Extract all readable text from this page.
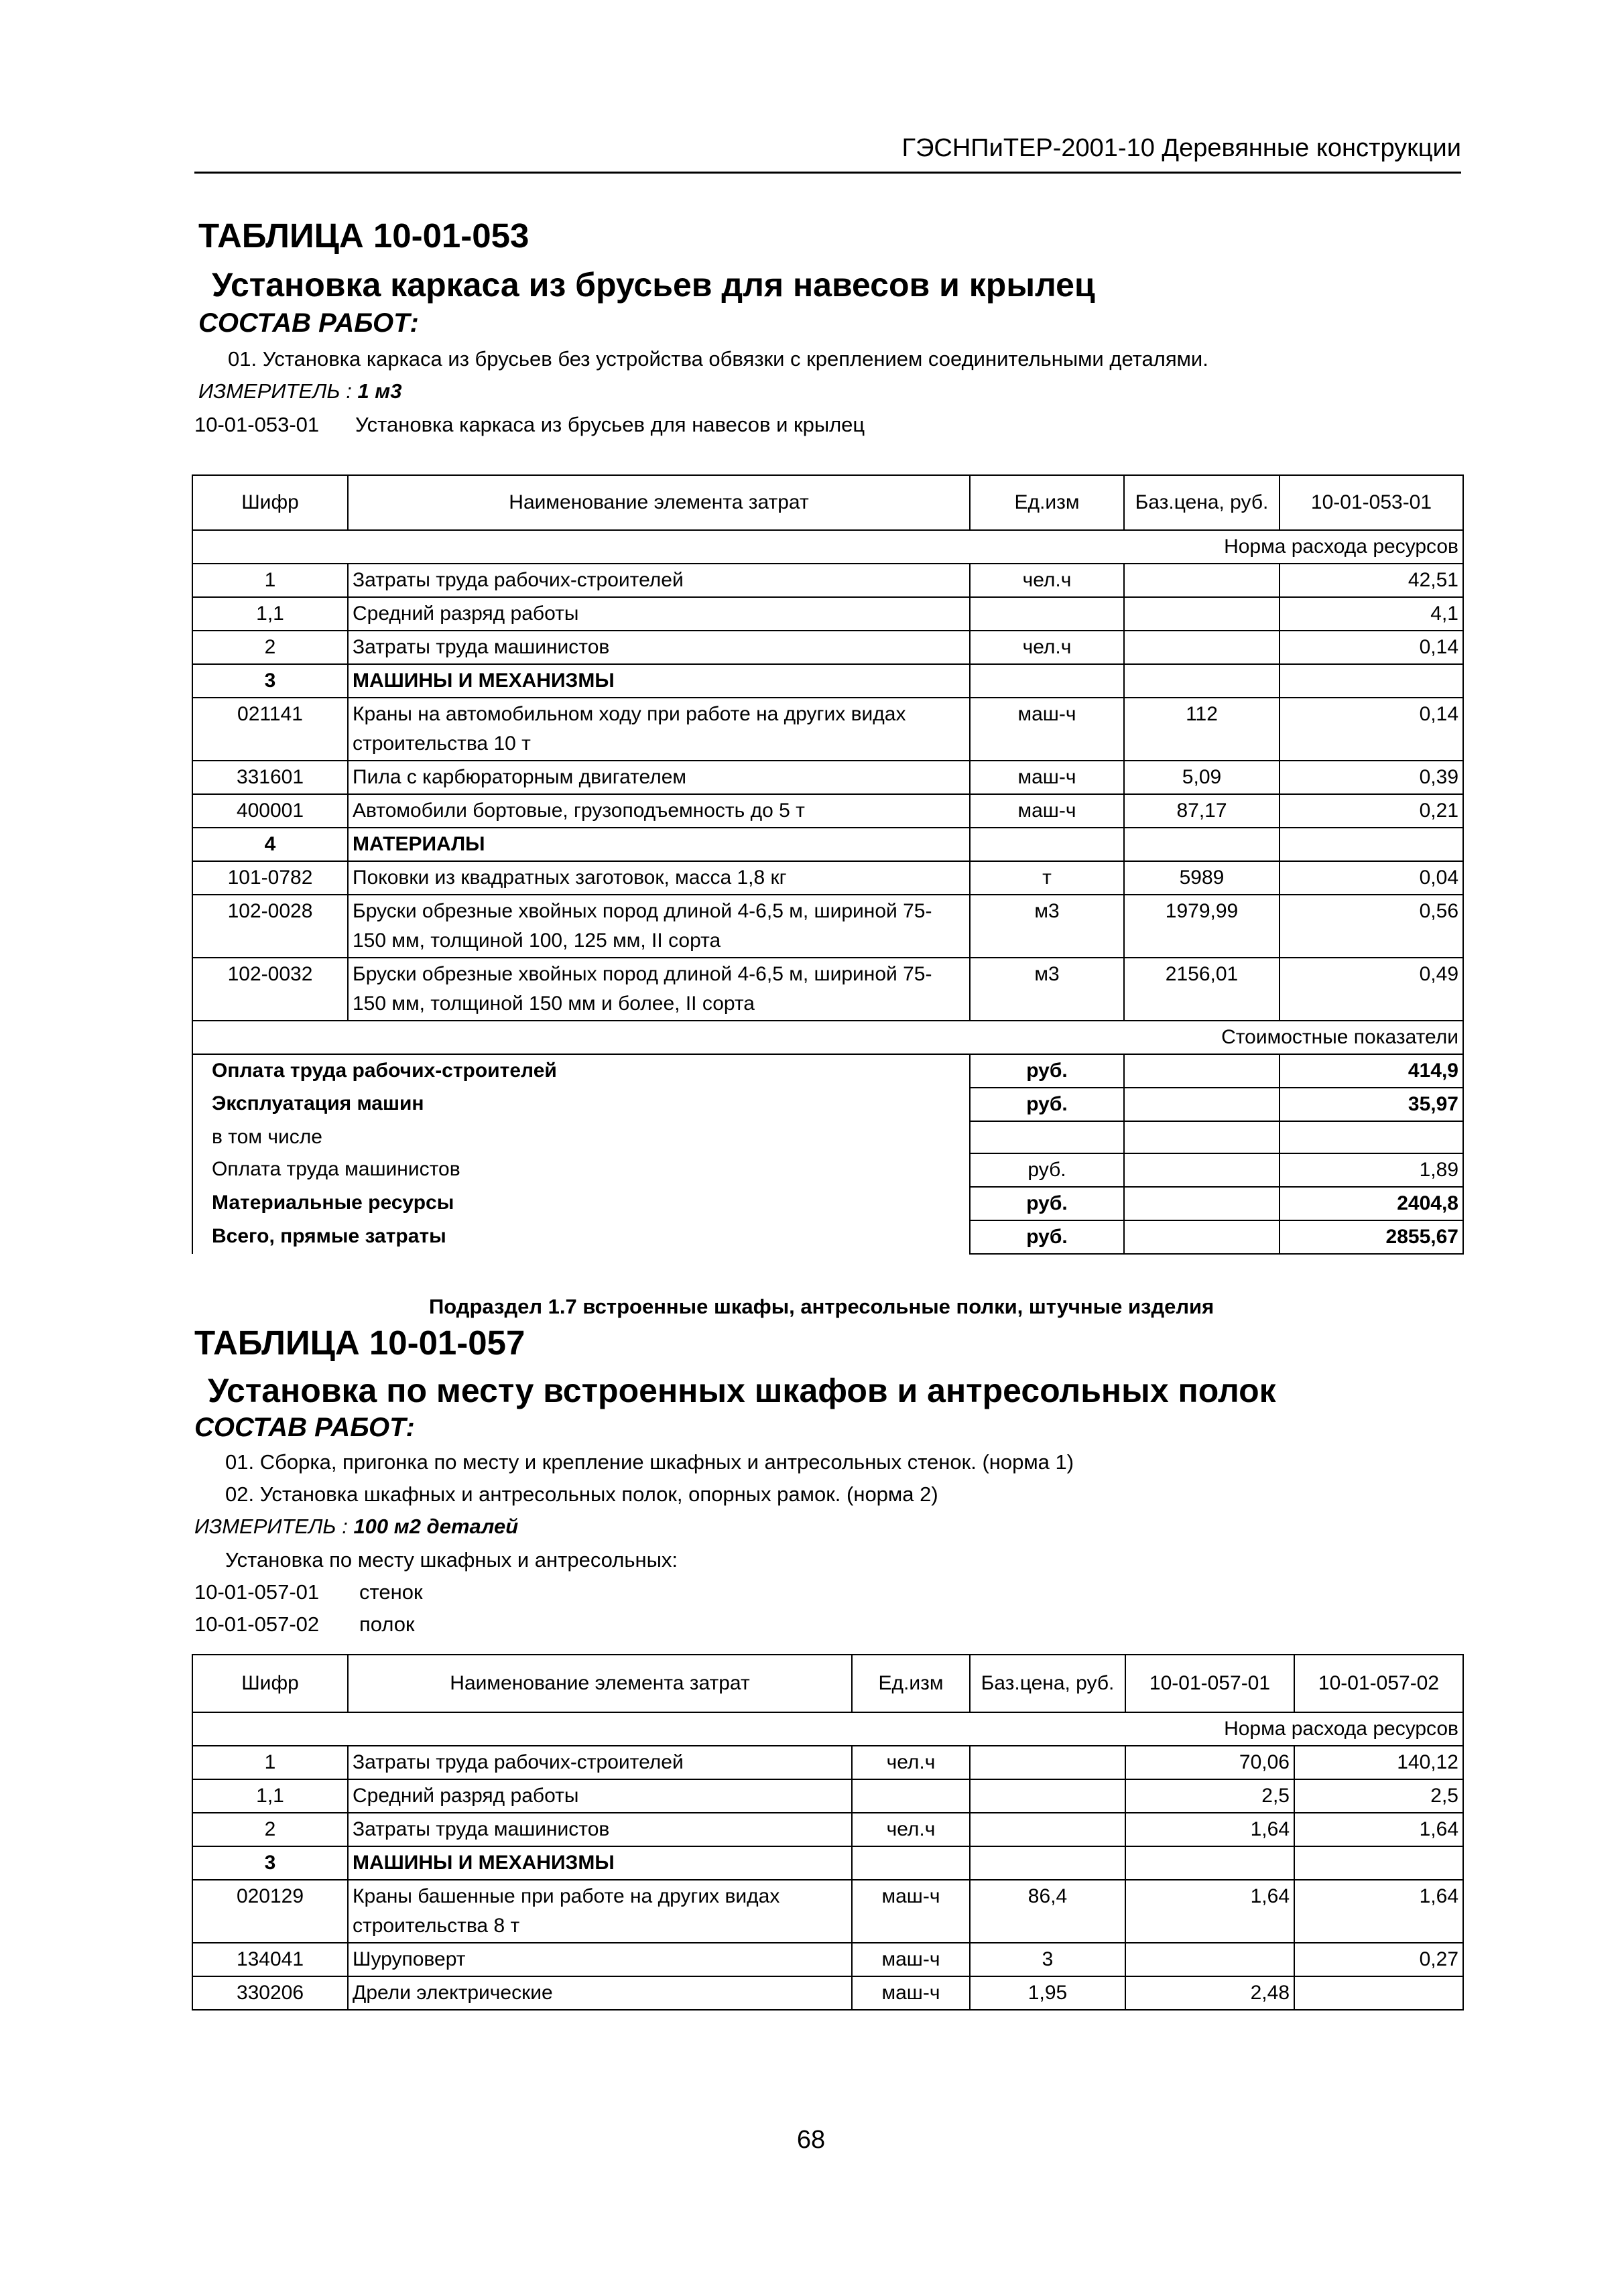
ГЭСНПиТЕР-2001-10 Деревянные конструкции
ТАБЛИЦА 10-01-053
Установка каркаса из брусьев для навесов и крылец
СОСТАВ РАБОТ:
01. Установка каркаса из брусьев без устройства обвязки с креплением соединительными деталями.
ИЗМЕРИТЕЛЬ : 1 м3
10-01-053-01 Установка каркаса из брусьев для навесов и крылец
Шифр	Наименование элемента затрат	Ед.изм	Баз.цена, руб.	10-01-053-01
Норма расхода ресурсов				
1	Затраты труда рабочих-строителей	чел.ч		42,51
1,1	Средний разряд работы			4,1
2	Затраты труда машинистов	чел.ч		0,14
3	МАШИНЫ И МЕХАНИЗМЫ			
021141	Краны на автомобильном ходу при работе на других видах строительства 10 т	маш-ч	112	0,14
331601	Пила с карбюраторным двигателем	маш-ч	5,09	0,39
400001	Автомобили бортовые, грузоподъемность до 5 т	маш-ч	87,17	0,21
4	МАТЕРИАЛЫ			
101-0782	Поковки из квадратных заготовок, масса 1,8 кг	т	5989	0,04
102-0028	Бруски обрезные хвойных пород длиной 4-6,5 м, шириной 75-150 мм, толщиной 100, 125 мм, II сорта	м3	1979,99	0,56
102-0032	Бруски обрезные хвойных пород длиной 4-6,5 м, шириной 75-150 мм, толщиной 150 мм и более, II сорта	м3	2156,01	0,49
Стоимостные показатели				
Оплата труда рабочих-строителей		руб.		414,9
Эксплуатация машин		руб.		35,97
в том числе				
Оплата труда машинистов		руб.		1,89
Материальные ресурсы		руб.		2404,8
Всего, прямые затраты		руб.		2855,67
Подраздел 1.7 встроенные шкафы, антресольные полки, штучные изделия
ТАБЛИЦА 10-01-057
Установка по месту встроенных шкафов и антресольных полок
СОСТАВ РАБОТ:
01. Сборка, пригонка по месту и крепление шкафных и антресольных стенок. (норма 1)
02. Установка шкафных и антресольных полок, опорных рамок. (норма 2)
ИЗМЕРИТЕЛЬ : 100 м2 деталей
Установка по месту шкафных и антресольных:
10-01-057-01 стенок
10-01-057-02 полок
Шифр	Наименование элемента затрат	Ед.изм	Баз.цена, руб.	10-01-057-01	10-01-057-02
Норма расхода ресурсов					
1	Затраты труда рабочих-строителей	чел.ч		70,06	140,12
1,1	Средний разряд работы			2,5	2,5
2	Затраты труда машинистов	чел.ч		1,64	1,64
3	МАШИНЫ И МЕХАНИЗМЫ				
020129	Краны башенные при работе на других видах строительства 8 т	маш-ч	86,4	1,64	1,64
134041	Шуруповерт	маш-ч	3		0,27
330206	Дрели электрические	маш-ч	1,95	2,48	
68
